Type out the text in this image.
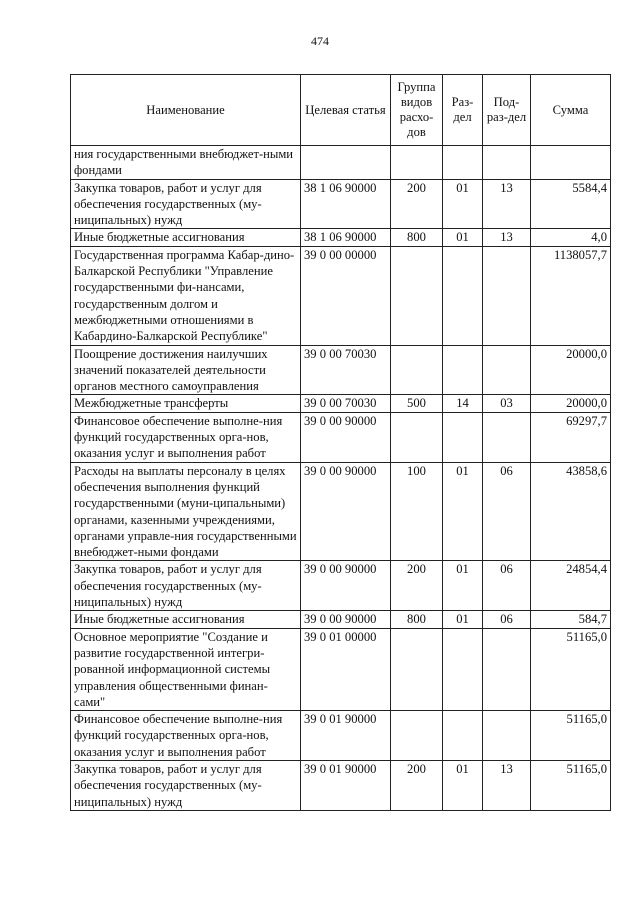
474
Наименование	Целевая статья	Группа видов расхо-дов	Раз-дел	Под-раз-дел	Сумма
ния государственными внебюджет-ными фондами					
Закупка товаров, работ и услуг для обеспечения государственных (му-ниципальных) нужд	38 1 06 90000	200	01	13	5584,4
Иные бюджетные ассигнования	38 1 06 90000	800	01	13	4,0
Государственная программа Кабар-дино-Балкарской Республики "Управление государственными фи-нансами, государственным долгом и межбюджетными отношениями в Кабардино-Балкарской Республике"	39 0 00 00000				1138057,7
Поощрение достижения наилучших значений показателей деятельности органов местного самоуправления	39 0 00 70030				20000,0
Межбюджетные трансферты	39 0 00 70030	500	14	03	20000,0
Финансовое обеспечение выполне-ния функций государственных орга-нов, оказания услуг и выполнения работ	39 0 00 90000				69297,7
Расходы на выплаты персоналу в целях обеспечения выполнения функций государственными (муни-ципальными) органами, казенными учреждениями, органами управле-ния государственными внебюджет-ными фондами	39 0 00 90000	100	01	06	43858,6
Закупка товаров, работ и услуг для обеспечения государственных (му-ниципальных) нужд	39 0 00 90000	200	01	06	24854,4
Иные бюджетные ассигнования	39 0 00 90000	800	01	06	584,7
Основное мероприятие "Создание и развитие государственной интегри-рованной информационной системы управления общественными финан-сами"	39 0 01 00000				51165,0
Финансовое обеспечение выполне-ния функций государственных орга-нов, оказания услуг и выполнения работ	39 0 01 90000				51165,0
Закупка товаров, работ и услуг для обеспечения государственных (му-ниципальных) нужд	39 0 01 90000	200	01	13	51165,0
